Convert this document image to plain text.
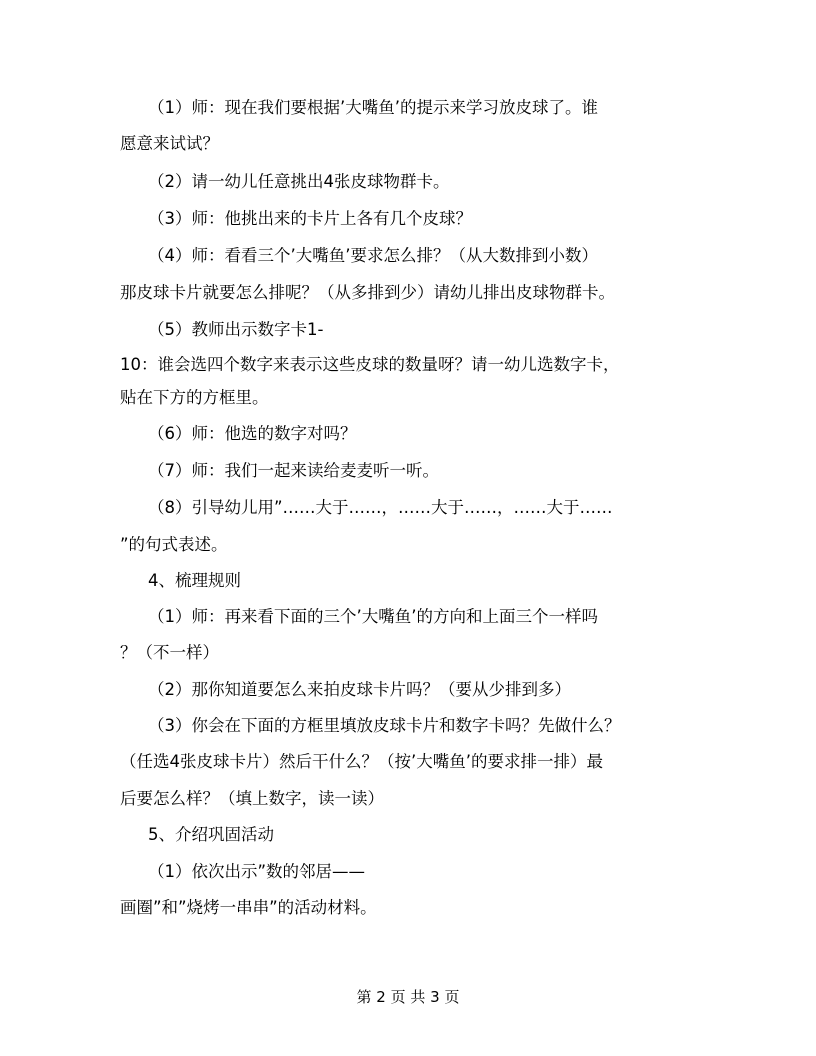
（1）师：现在我们要根据’大嘴鱼’的提示来学习放皮球了。谁
愿意来试试？
（2）请一幼儿任意挑出4张皮球物群卡。
（3）师：他挑出来的卡片上各有几个皮球？
（4）师：看看三个’大嘴鱼’要求怎么排？（从大数排到小数）
那皮球卡片就要怎么排呢？（从多排到少）请幼儿排出皮球物群卡。
（5）教师出示数字卡1-
10：谁会选四个数字来表示这些皮球的数量呀？请一幼儿选数字卡，
贴在下方的方框里。
（6）师：他选的数字对吗？
（7）师：我们一起来读给麦麦听一听。
（8）引导幼儿用”……大于……，……大于……，……大于……
”的句式表述。
4、梳理规则
（1）师：再来看下面的三个’大嘴鱼’的方向和上面三个一样吗
？（不一样）
（2）那你知道要怎么来拍皮球卡片吗？（要从少排到多）
（3）你会在下面的方框里填放皮球卡片和数字卡吗？先做什么？
（任选4张皮球卡片）然后干什么？（按’大嘴鱼’的要求排一排）最
后要怎么样？（填上数字，读一读）
5、介绍巩固活动
（1）依次出示”数的邻居——
画圈”和”烧烤一串串”的活动材料。
第 2 页 共 3 页
